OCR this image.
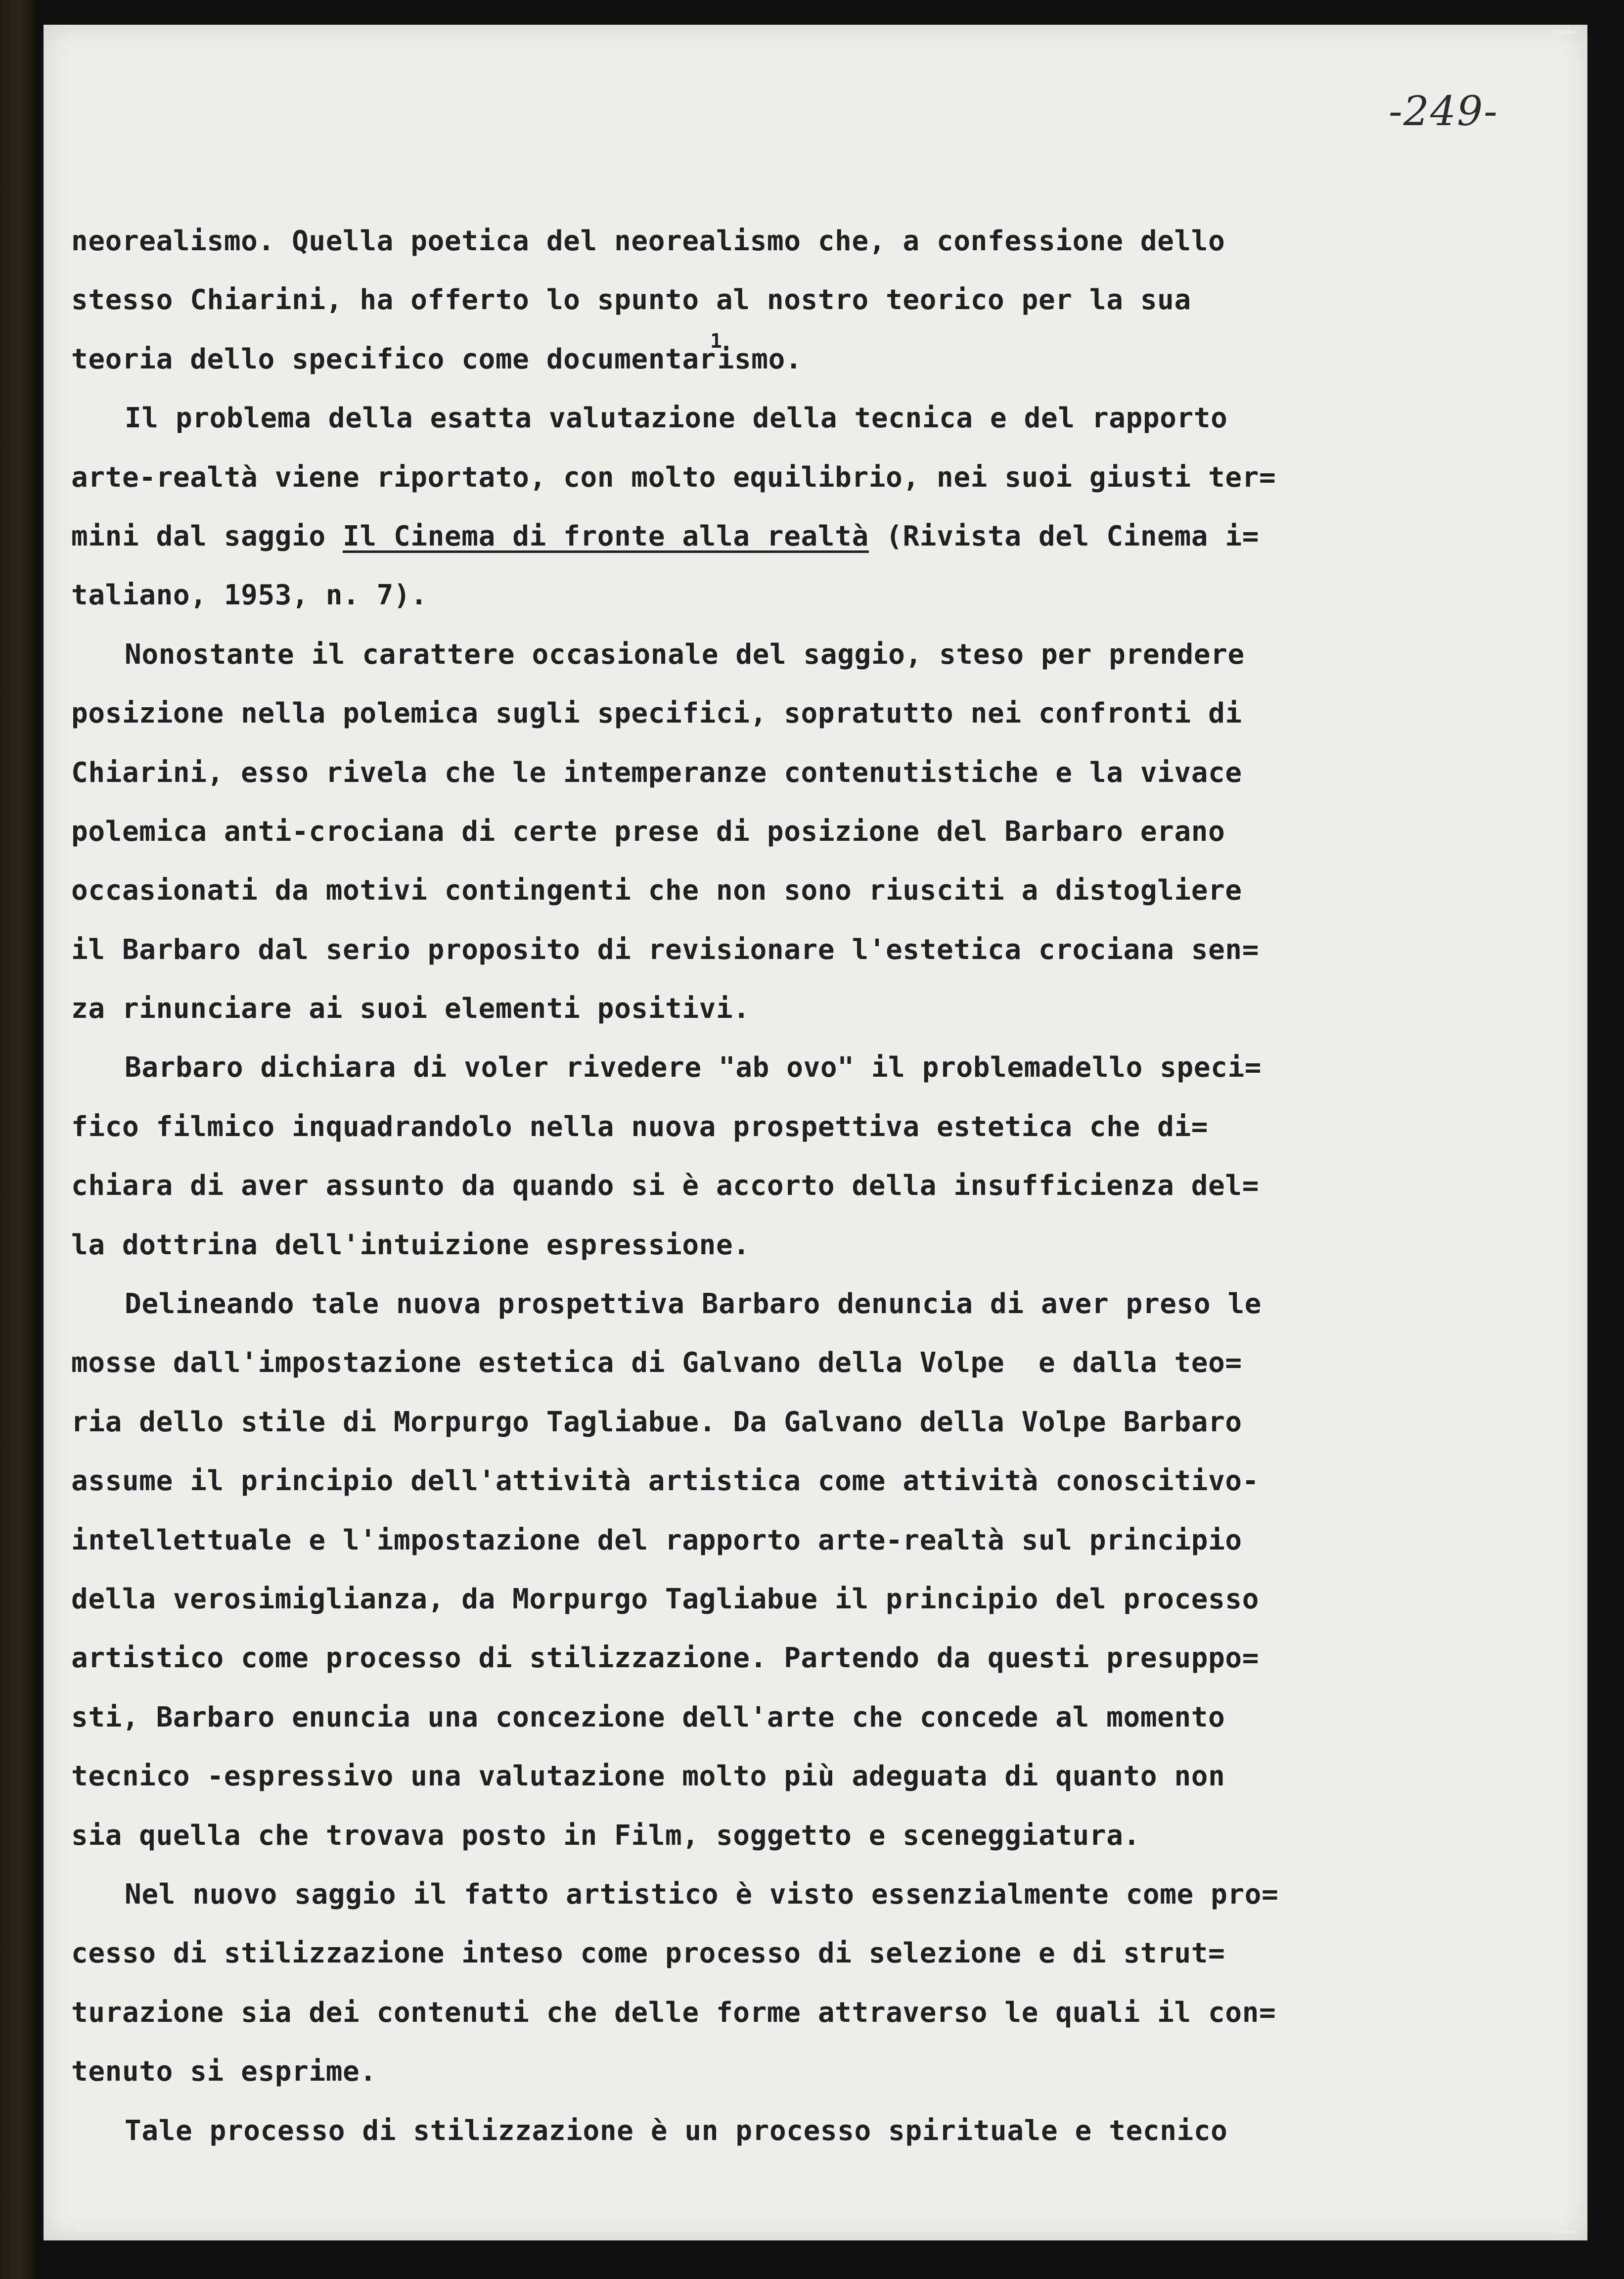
-249-
neorealismo. Quella poetica del neorealismo che, a confessione dello
stesso Chiarini, ha offerto lo spunto al nostro teorico per la sua
teoria dello specifico come documentar$^1$ismo.
Il problema della esatta valutazione della tecnica e del rapporto
arte-realtà viene riportato, con molto equilibrio, nei suoi giusti ter=
mini dal saggio Il Cinema di fronte alla realtà (Rivista del Cinema i=
taliano, 1953, n. 7).
Nonostante il carattere occasionale del saggio, steso per prendere
posizione nella polemica sugli specifici, sopratutto nei confronti di
Chiarini, esso rivela che le intemperanze contenutistiche e la vivace
polemica anti-crociana di certe prese di posizione del Barbaro erano
occasionati da motivi contingenti che non sono riusciti a distogliere
il Barbaro dal serio proposito di revisionare l'estetica crociana sen=
za rinunciare ai suoi elementi positivi.
Barbaro dichiara di voler rivedere "ab ovo" il problemadello speci=
fico filmico inquadrandolo nella nuova prospettiva estetica che di=
chiara di aver assunto da quando si è accorto della insufficienza del=
la dottrina dell'intuizione espressione.
Delineando tale nuova prospettiva Barbaro denuncia di aver preso le
mosse dall'impostazione estetica di Galvano della Volpe  e dalla teo=
ria dello stile di Morpurgo Tagliabue. Da Galvano della Volpe Barbaro
assume il principio dell'attività artistica come attività conoscitivo-
intellettuale e l'impostazione del rapporto arte-realtà sul principio
della verosimiglianza, da Morpurgo Tagliabue il principio del processo
artistico come processo di stilizzazione. Partendo da questi presuppo=
sti, Barbaro enuncia una concezione dell'arte che concede al momento
tecnico -espressivo una valutazione molto più adeguata di quanto non
sia quella che trovava posto in Film, soggetto e sceneggiatura.
Nel nuovo saggio il fatto artistico è visto essenzialmente come pro=
cesso di stilizzazione inteso come processo di selezione e di strut=
turazione sia dei contenuti che delle forme attraverso le quali il con=
tenuto si esprime.
Tale processo di stilizzazione è un processo spirituale e tecnico
